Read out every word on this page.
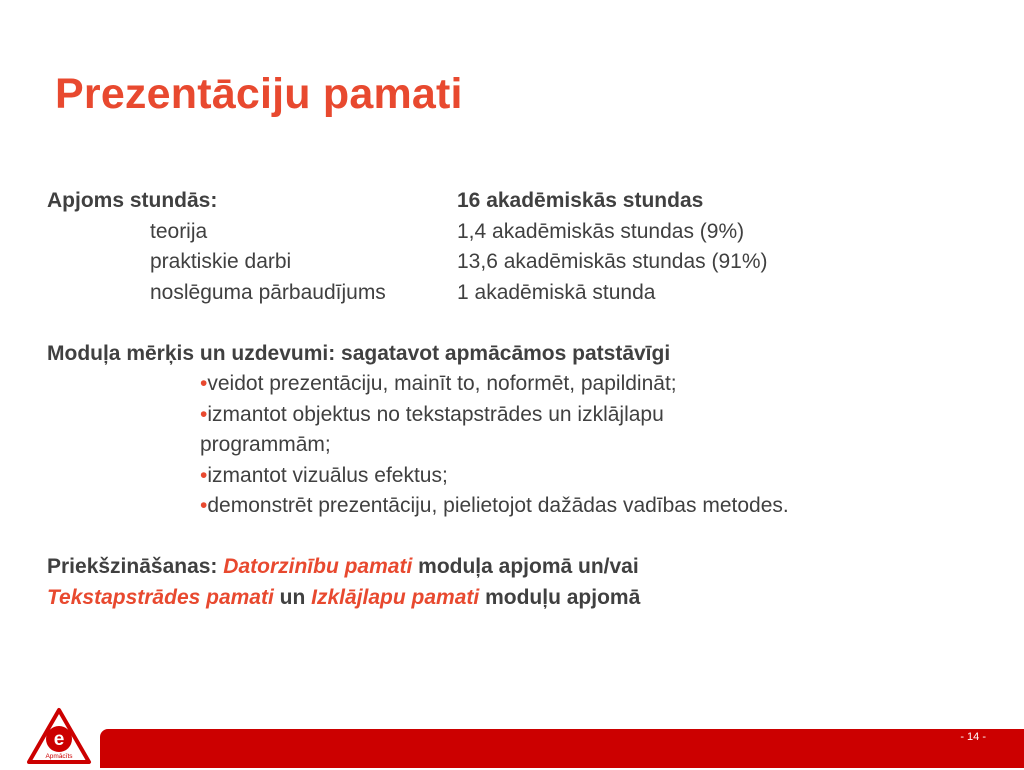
Prezentāciju pamati
Apjoms stundās:	16 akadēmiskās stundas
teorija	1,4 akadēmiskās stundas (9%)
praktiskie darbi	13,6 akadēmiskās stundas (91%)
noslēguma pārbaudījums	1 akadēmiskā stunda
Moduļa mērķis un uzdevumi: sagatavot apmācāmos patstāvīgi
•veidot prezentāciju, mainīt to, noformēt, papildināt;
•izmantot objektus no tekstapstrādes un izklājlapu
programmām;
•izmantot vizuālus efektus;
•demonstrēt prezentāciju, pielietojot dažādas vadības metodes.
Priekšzināšanas: Datorzinību pamati moduļa apjomā un/vai
Tekstapstrādes pamati un Izklājlapu pamati moduļu apjomā
e
Apmācīts
- 14 -
